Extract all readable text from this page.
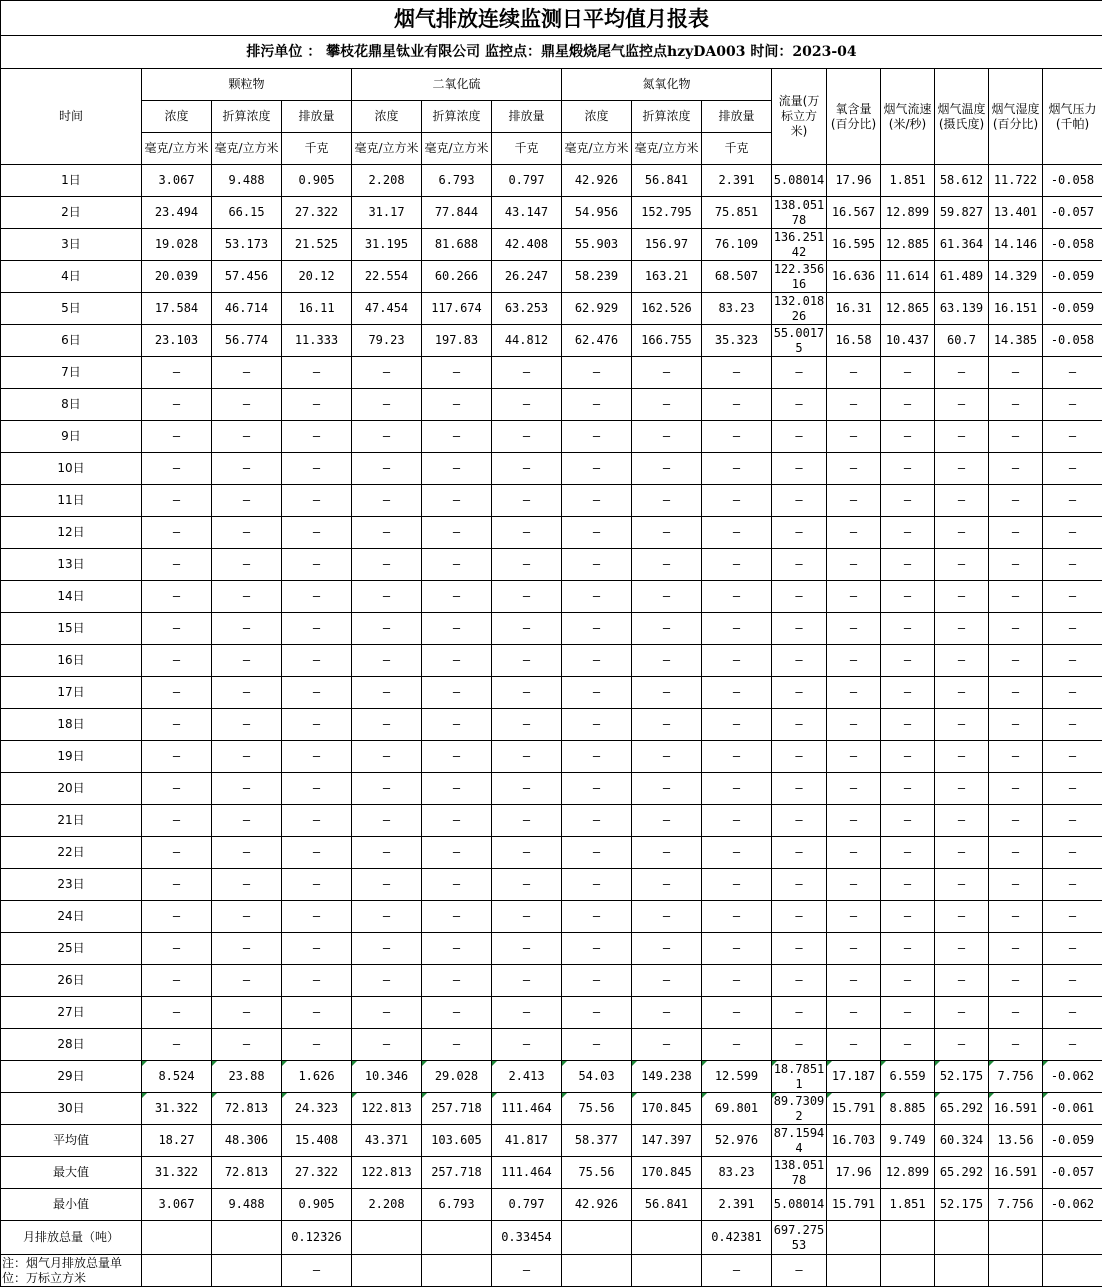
烟气排放连续监测日平均值月报表															
排污单位 ： 攀枝花鼎星钛业有限公司 监控点：鼎星煅烧尾气监控点hzyDA003 时间：2023-04															
时间	颗粒物			二氧化硫			氮氧化物			流量(万标立方米)	氧含量(百分比)	烟气流速(米/秒)	烟气温度(摄氏度)	烟气湿度(百分比)	烟气压力(千帕)
	浓度	折算浓度	排放量	浓度	折算浓度	排放量	浓度	折算浓度	排放量						
	毫克/立方米	毫克/立方米	千克	毫克/立方米	毫克/立方米	千克	毫克/立方米	毫克/立方米	千克						
1日	3.067	9.488	0.905	2.208	6.793	0.797	42.926	56.841	2.391	5.08014	17.96	1.851	58.612	11.722	-0.058
2日	23.494	66.15	27.322	31.17	77.844	43.147	54.956	152.795	75.851	138.05178	16.567	12.899	59.827	13.401	-0.057
3日	19.028	53.173	21.525	31.195	81.688	42.408	55.903	156.97	76.109	136.25142	16.595	12.885	61.364	14.146	-0.058
4日	20.039	57.456	20.12	22.554	60.266	26.247	58.239	163.21	68.507	122.35616	16.636	11.614	61.489	14.329	-0.059
5日	17.584	46.714	16.11	47.454	117.674	63.253	62.929	162.526	83.23	132.01826	16.31	12.865	63.139	16.151	-0.059
6日	23.103	56.774	11.333	79.23	197.83	44.812	62.476	166.755	35.323	55.00175	16.58	10.437	60.7	14.385	-0.058
7日	–	–	–	–	–	–	–	–	–	–	–	–	–	–	–
8日	–	–	–	–	–	–	–	–	–	–	–	–	–	–	–
9日	–	–	–	–	–	–	–	–	–	–	–	–	–	–	–
10日	–	–	–	–	–	–	–	–	–	–	–	–	–	–	–
11日	–	–	–	–	–	–	–	–	–	–	–	–	–	–	–
12日	–	–	–	–	–	–	–	–	–	–	–	–	–	–	–
13日	–	–	–	–	–	–	–	–	–	–	–	–	–	–	–
14日	–	–	–	–	–	–	–	–	–	–	–	–	–	–	–
15日	–	–	–	–	–	–	–	–	–	–	–	–	–	–	–
16日	–	–	–	–	–	–	–	–	–	–	–	–	–	–	–
17日	–	–	–	–	–	–	–	–	–	–	–	–	–	–	–
18日	–	–	–	–	–	–	–	–	–	–	–	–	–	–	–
19日	–	–	–	–	–	–	–	–	–	–	–	–	–	–	–
20日	–	–	–	–	–	–	–	–	–	–	–	–	–	–	–
21日	–	–	–	–	–	–	–	–	–	–	–	–	–	–	–
22日	–	–	–	–	–	–	–	–	–	–	–	–	–	–	–
23日	–	–	–	–	–	–	–	–	–	–	–	–	–	–	–
24日	–	–	–	–	–	–	–	–	–	–	–	–	–	–	–
25日	–	–	–	–	–	–	–	–	–	–	–	–	–	–	–
26日	–	–	–	–	–	–	–	–	–	–	–	–	–	–	–
27日	–	–	–	–	–	–	–	–	–	–	–	–	–	–	–
28日	–	–	–	–	–	–	–	–	–	–	–	–	–	–	–
29日	8.524	23.88	1.626	10.346	29.028	2.413	54.03	149.238	12.599	18.78511	17.187	6.559	52.175	7.756	-0.062
30日	31.322	72.813	24.323	122.813	257.718	111.464	75.56	170.845	69.801	89.73092	15.791	8.885	65.292	16.591	-0.061
平均值	18.27	48.306	15.408	43.371	103.605	41.817	58.377	147.397	52.976	87.15944	16.703	9.749	60.324	13.56	-0.059
最大值	31.322	72.813	27.322	122.813	257.718	111.464	75.56	170.845	83.23	138.05178	17.96	12.899	65.292	16.591	-0.057
最小值	3.067	9.488	0.905	2.208	6.793	0.797	42.926	56.841	2.391	5.08014	15.791	1.851	52.175	7.756	-0.062
月排放总量（吨）			0.12326			0.33454			0.42381	697.27553					
注：烟气月排放总量单位：万标立方米			–			–			–	–					
